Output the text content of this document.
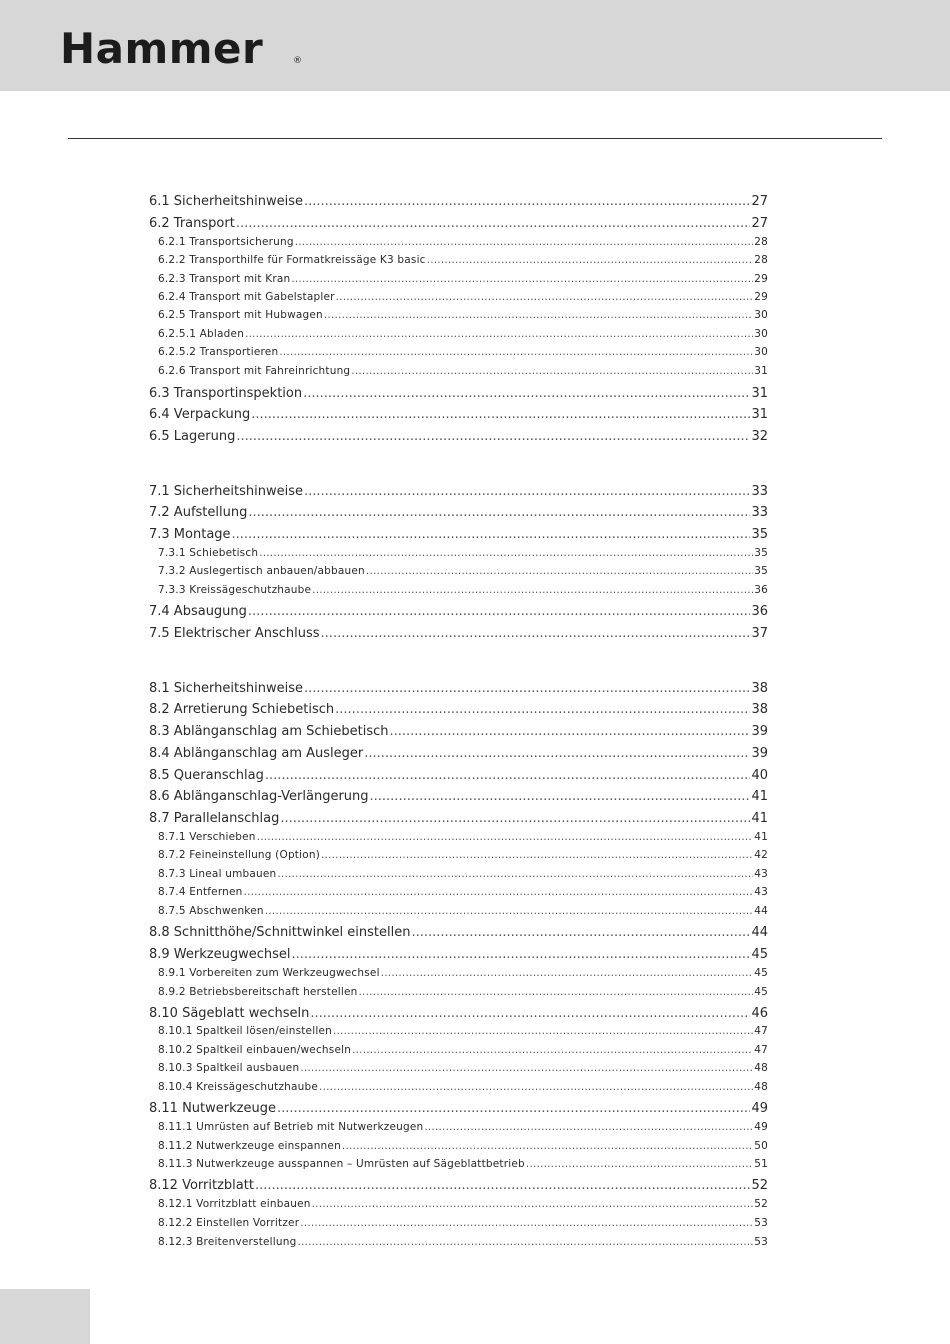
Hammer	®
6.1 Sicherheitshinweise .....	27
6.2 Transport .....	27
6.2.1 Transportsicherung .....	28
6.2.2 Transporthilfe für Formatkreissäge K3 basic .....	28
6.2.3 Transport mit Kran .....	29
6.2.4 Transport mit Gabelstapler .....	29
6.2.5 Transport mit Hubwagen .....	30
6.2.5.1 Abladen .....	30
6.2.5.2 Transportieren .....	30
6.2.6 Transport mit Fahreinrichtung .....	31
6.3 Transportinspektion .....	31
6.4 Verpackung .....	31
6.5 Lagerung .....	32
7.1 Sicherheitshinweise .....	33
7.2 Aufstellung .....	33
7.3 Montage .....	35
7.3.1 Schiebetisch .....	35
7.3.2 Auslegertisch anbauen/abbauen .....	35
7.3.3 Kreissägeschutzhaube .....	36
7.4 Absaugung .....	36
7.5 Elektrischer Anschluss .....	37
8.1 Sicherheitshinweise .....	38
8.2 Arretierung Schiebetisch .....	38
8.3 Ablänganschlag am Schiebetisch .....	39
8.4 Ablänganschlag am Ausleger .....	39
8.5 Queranschlag .....	40
8.6 Ablänganschlag-Verlängerung .....	41
8.7 Parallelanschlag .....	41
8.7.1 Verschieben .....	41
8.7.2 Feineinstellung (Option) .....	42
8.7.3 Lineal umbauen .....	43
8.7.4 Entfernen .....	43
8.7.5 Abschwenken .....	44
8.8 Schnitthöhe/Schnittwinkel einstellen .....	44
8.9 Werkzeugwechsel .....	45
8.9.1 Vorbereiten zum Werkzeugwechsel .....	45
8.9.2 Betriebsbereitschaft herstellen .....	45
8.10 Sägeblatt wechseln .....	46
8.10.1 Spaltkeil lösen/einstellen .....	47
8.10.2 Spaltkeil einbauen/wechseln .....	47
8.10.3 Spaltkeil ausbauen .....	48
8.10.4 Kreissägeschutzhaube .....	48
8.11 Nutwerkzeuge .....	49
8.11.1 Umrüsten auf Betrieb mit Nutwerkzeugen .....	49
8.11.2 Nutwerkzeuge einspannen .....	50
8.11.3 Nutwerkzeuge ausspannen – Umrüsten auf Sägeblattbetrieb .....	51
8.12 Vorritzblatt .....	52
8.12.1 Vorritzblatt einbauen .....	52
8.12.2 Einstellen Vorritzer .....	53
8.12.3 Breitenverstellung .....	53
